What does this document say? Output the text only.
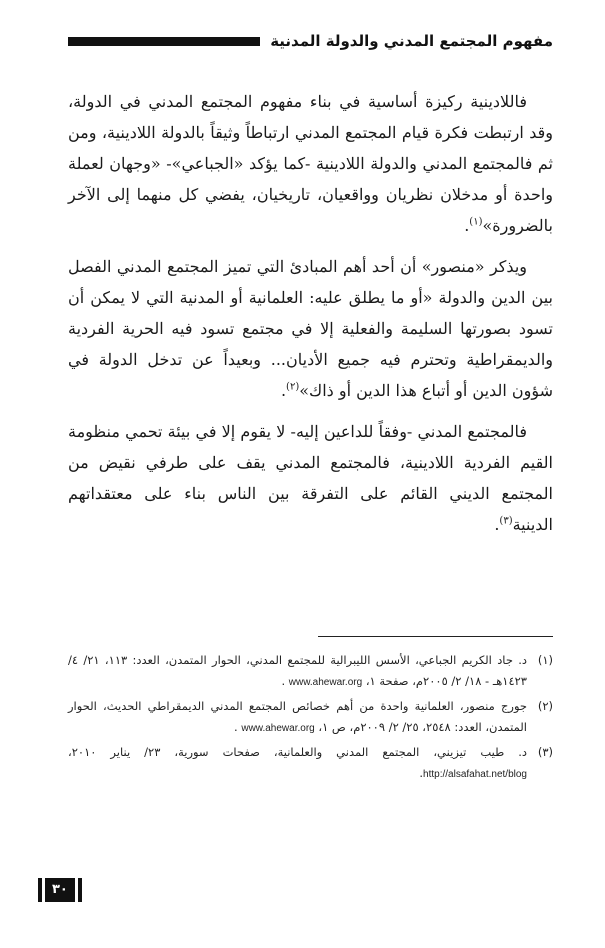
مفهوم المجتمع المدني والدولة المدنية

فاللادينية ركيزة أساسية في بناء مفهوم المجتمع المدني في الدولة، وقد ارتبطت فكرة قيام المجتمع المدني ارتباطاً وثيقاً بالدولة اللادينية، ومن ثم فالمجتمع المدني والدولة اللادينية -كما يؤكد «الجباعي»- «وجهان لعملة واحدة أو مدخلان نظريان وواقعيان، تاريخيان، يفضي كل منهما إلى الآخر بالضرورة»$^{(١)}$.

ويذكر «منصور» أن أحد أهم المبادئ التي تميز المجتمع المدني الفصل بين الدين والدولة «أو ما يطلق عليه: العلمانية أو المدنية التي لا يمكن أن تسود بصورتها السليمة والفعلية إلا في مجتمع تسود فيه الحرية الفردية والديمقراطية وتحترم فيه جميع الأديان... وبعيداً عن تدخل الدولة في شؤون الدين أو أتباع هذا الدين أو ذاك»$^{(٢)}$.

فالمجتمع المدني -وفقاً للداعين إليه- لا يقوم إلا في بيئة تحمي منظومة القيم الفردية اللادينية، فالمجتمع المدني يقف على طرفي نقيض من المجتمع الديني القائم على التفرقة بين الناس بناء على معتقداتهم الدينية$^{(٣)}$.

(١)
د. جاد الكريم الجباعي، الأسس الليبرالية للمجتمع المدني، الحوار المتمدن، العدد: ١١٣، ٢١/ ٤/ ١٤٢٣هـ - ١٨/ ٢/ ٢٠٠٥م، صفحة ١، www.ahewar.org .
(٢)
جورج منصور، العلمانية واحدة من أهم خصائص المجتمع المدني الديمقراطي الحديث، الحوار المتمدن، العدد: ٢٥٤٨، ٢٥/ ٢/ ٢٠٠٩م، ص ١، www.ahewar.org .
(٣)
د. طيب تيزيني، المجتمع المدني والعلمانية، صفحات سورية، ٢٣/ يناير ٢٠١٠، http://alsafahat.net/blog.
٣٠
